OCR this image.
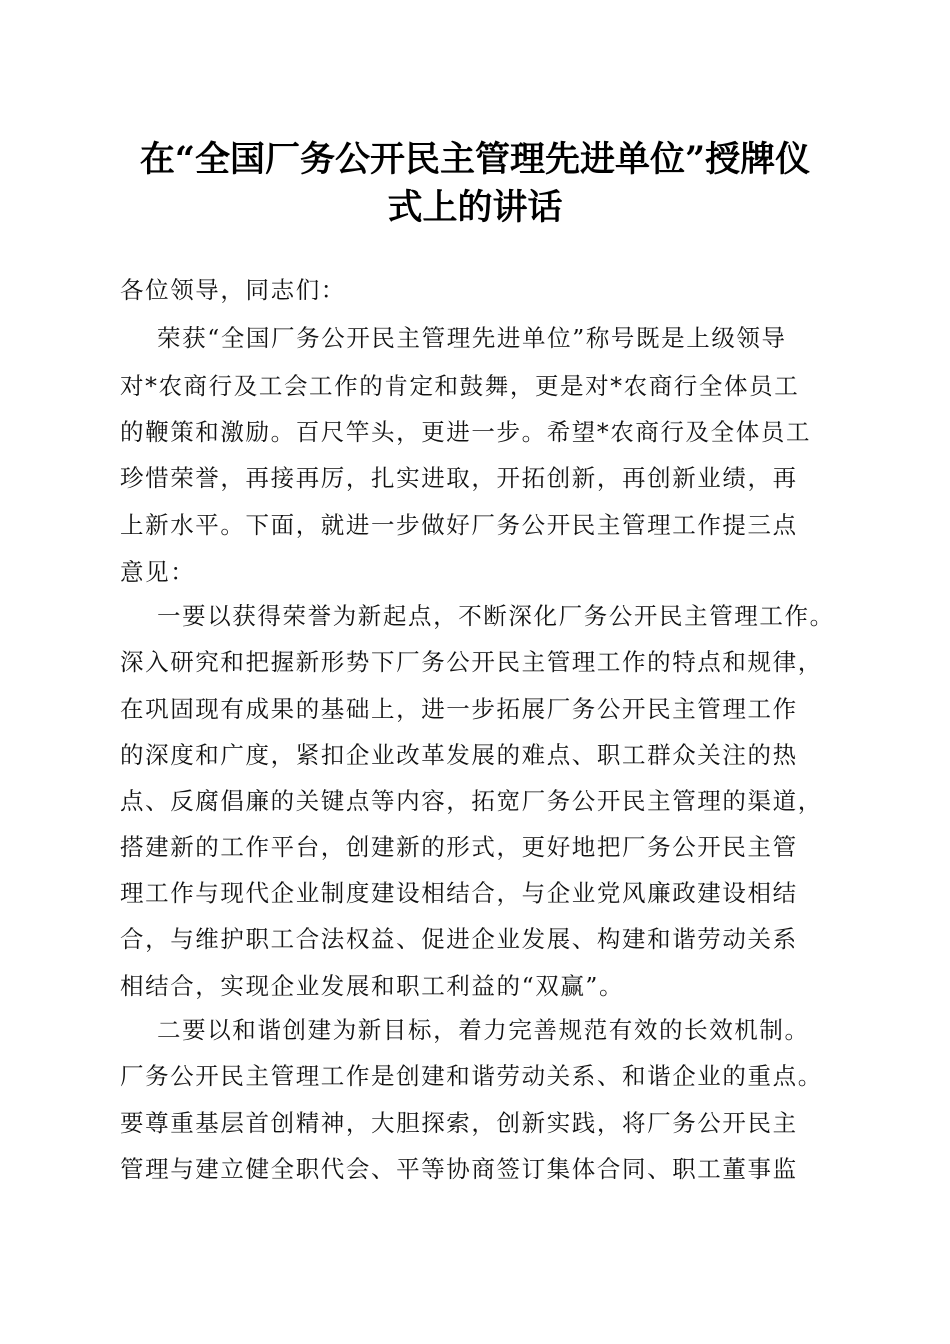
在“全国厂务公开民主管理先进单位”授牌仪
式上的讲话
各位领导，同志们：
荣获“全国厂务公开民主管理先进单位”称号既是上级领导
对*农商行及工会工作的肯定和鼓舞，更是对*农商行全体员工
的鞭策和激励。百尺竿头，更进一步。希望*农商行及全体员工
珍惜荣誉，再接再厉，扎实进取，开拓创新，再创新业绩，再
上新水平。下面，就进一步做好厂务公开民主管理工作提三点
意见：
一要以获得荣誉为新起点，不断深化厂务公开民主管理工作。
深入研究和把握新形势下厂务公开民主管理工作的特点和规律，
在巩固现有成果的基础上，进一步拓展厂务公开民主管理工作
的深度和广度，紧扣企业改革发展的难点、职工群众关注的热
点、反腐倡廉的关键点等内容，拓宽厂务公开民主管理的渠道，
搭建新的工作平台，创建新的形式，更好地把厂务公开民主管
理工作与现代企业制度建设相结合，与企业党风廉政建设相结
合，与维护职工合法权益、促进企业发展、构建和谐劳动关系
相结合，实现企业发展和职工利益的“双赢”。
二要以和谐创建为新目标，着力完善规范有效的长效机制。
厂务公开民主管理工作是创建和谐劳动关系、和谐企业的重点。
要尊重基层首创精神，大胆探索，创新实践，将厂务公开民主
管理与建立健全职代会、平等协商签订集体合同、职工董事监
